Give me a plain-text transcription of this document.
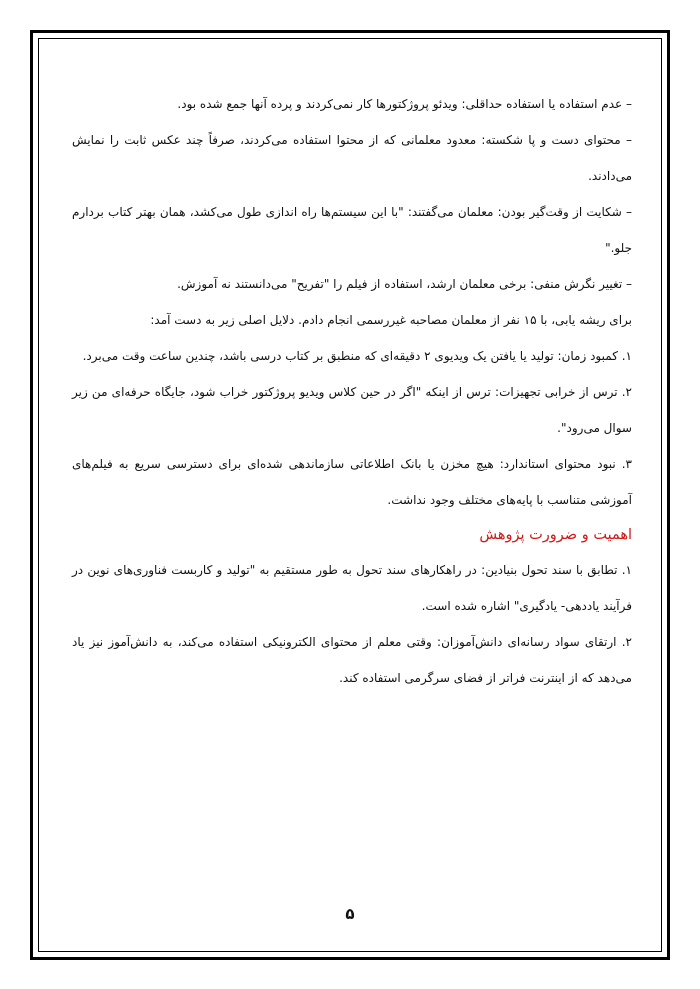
– عدم استفاده یا استفاده حداقلی: ویدئو پروژکتورها کار نمی‌کردند و پرده آنها جمع شده بود.

– محتوای دست و پا شکسته: معدود معلمانی که از محتوا استفاده می‌کردند، صرفاً چند عکس ثابت را نمایش می‌دادند.

– شکایت از وقت‌گیر بودن: معلمان می‌گفتند: "با این سیستم‌ها راه اندازی طول می‌کشد، همان بهتر کتاب بردارم جلو."

– تغییر نگرش منفی: برخی معلمان ارشد، استفاده از فیلم را "تفریح" می‌دانستند نه آموزش.

برای ریشه یابی، با ۱۵ نفر از معلمان مصاحبه غیررسمی انجام دادم. دلایل اصلی زیر به دست آمد:

۱. کمبود زمان: تولید یا یافتن یک ویدیوی ۲ دقیقه‌ای که منطبق بر کتاب درسی باشد، چندین ساعت وقت می‌برد.

۲. ترس از خرابی تجهیزات: ترس از اینکه "اگر در حین کلاس ویدیو پروژکتور خراب شود، جایگاه حرفه‌ای من زیر سوال می‌رود".

۳. نبود محتوای استاندارد: هیچ مخزن یا بانک اطلاعاتی سازماندهی شده‌ای برای دسترسی سریع به فیلم‌های آموزشی متناسب با پایه‌های مختلف وجود نداشت.

اهمیت و ضرورت پژوهش

۱. تطابق با سند تحول بنیادین: در راهکارهای سند تحول به طور مستقیم به "تولید و کاربست فناوری‌های نوین در فرآیند یاددهی- یادگیری" اشاره شده است.

۲. ارتقای سواد رسانه‌ای دانش‌آموزان: وقتی معلم از محتوای الکترونیکی استفاده می‌کند، به دانش‌آموز نیز یاد می‌دهد که از اینترنت فراتر از فضای سرگرمی استفاده کند.

۵
